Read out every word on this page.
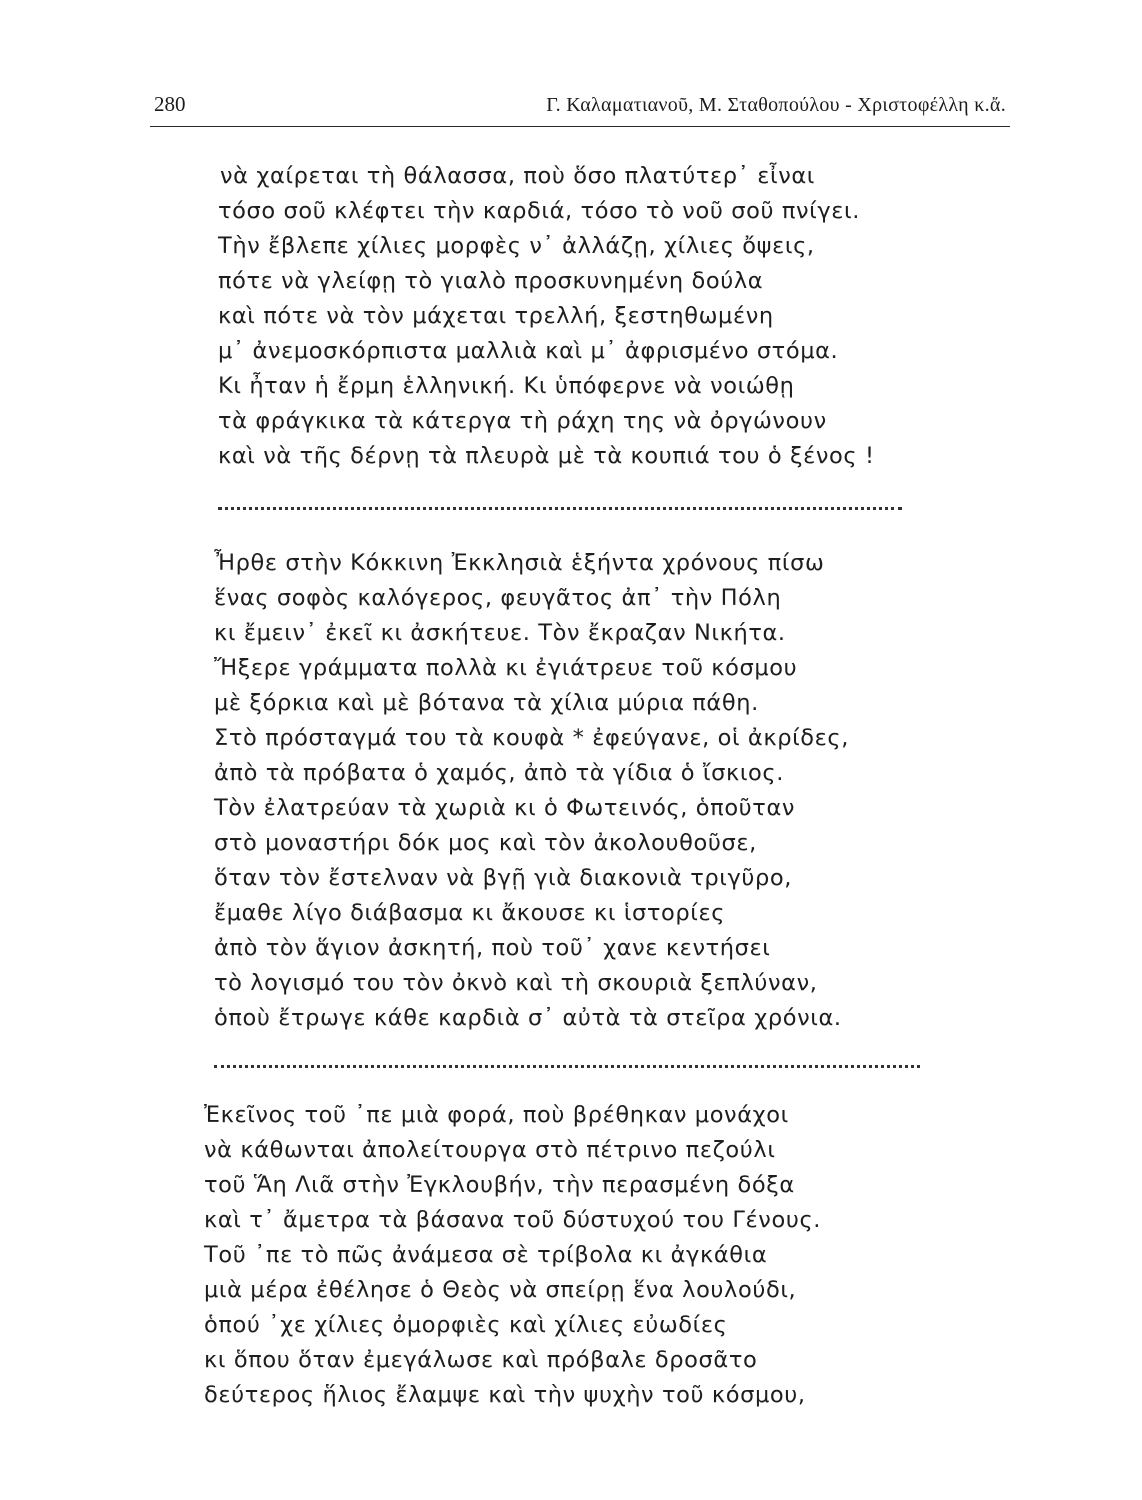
280	Γ. Καλαματιανοῦ, Μ. Σταθοπούλου - Χριστοφέλλη κ.ἄ.
νὰ χαίρεται τὴ θάλασσα, ποὺ ὅσο πλατύτερ᾽ εἶναι
τόσο σοῦ κλέφτει τὴν καρδιά, τόσο τὸ νοῦ σοῦ πνίγει.
Τὴν ἔβλεπε χίλιες μορφὲς ν᾽ ἀλλάζῃ, χίλιες ὄψεις,
πότε νὰ γλείφῃ τὸ γιαλὸ προσκυνημένη δούλα
καὶ πότε νὰ τὸν μάχεται τρελλή, ξεστηθωμένη
μ᾽ ἀνεμοσκόρπιστα μαλλιὰ καὶ μ᾽ ἀφρισμένο στόμα.
Κι ἦταν ἡ ἔρμη ἑλληνική. Κι ὑπόφερνε νὰ νοιώθῃ
τὰ φράγκικα τὰ κάτεργα τὴ ράχη της νὰ ὀργώνουν
καὶ νὰ τῆς δέρνῃ τὰ πλευρὰ μὲ τὰ κουπιά του ὁ ξένος !
Ἦρθε στὴν Κόκκινη Ἐκκλησιὰ ἑξήντα χρόνους πίσω
ἕνας σοφὸς καλόγερος, φευγᾶτος ἀπ᾽ τὴν Πόλη
κι ἔμειν᾽ ἐκεῖ κι ἀσκήτευε. Τὸν ἔκραζαν Νικήτα.
Ἤξερε γράμματα πολλὰ κι ἐγιάτρευε τοῦ κόσμου
μὲ ξόρκια καὶ μὲ βότανα τὰ χίλια μύρια πάθη.
Στὸ πρόσταγμά του τὰ κουφὰ * ἐφεύγανε, οἱ ἀκρίδες,
ἀπὸ τὰ πρόβατα ὁ χαμός, ἀπὸ τὰ γίδια ὁ ἴσκιος.
Τὸν ἐλατρεύαν τὰ χωριὰ κι ὁ Φωτεινός, ὁποῦταν
στὸ μοναστήρι δόκ μος καὶ τὸν ἀκολουθοῦσε,
ὅταν τὸν ἔστελναν νὰ βγῇ γιὰ διακονιὰ τριγῦρο,
ἔμαθε λίγο διάβασμα κι ἄκουσε κι ἱστορίες
ἀπὸ τὸν ἅγιον ἀσκητή, ποὺ τοῦ᾽ χανε κεντήσει
τὸ λογισμό του τὸν ὀκνὸ καὶ τὴ σκουριὰ ξεπλύναν,
ὁποὺ ἔτρωγε κάθε καρδιὰ σ᾽ αὐτὰ τὰ στεῖρα χρόνια.
Ἐκεῖνος τοῦ ᾽πε μιὰ φορά, ποὺ βρέθηκαν μονάχοι
νὰ κάθωνται ἀπολείτουργα στὸ πέτρινο πεζούλι
τοῦ Ἅη Λιᾶ στὴν Ἐγκλουβήν, τὴν περασμένη δόξα
καὶ τ᾽ ἄμετρα τὰ βάσανα τοῦ δύστυχού του Γένους.
Τοῦ ᾽πε τὸ πῶς ἀνάμεσα σὲ τρίβολα κι ἀγκάθια
μιὰ μέρα ἐθέλησε ὁ Θεὸς νὰ σπείρῃ ἕνα λουλούδι,
ὁπού ᾽χε χίλιες ὀμορφιὲς καὶ χίλιες εὐωδίες
κι ὅπου ὅταν ἐμεγάλωσε καὶ πρόβαλε δροσᾶτο
δεύτερος ἥλιος ἔλαμψε καὶ τὴν ψυχὴν τοῦ κόσμου,
